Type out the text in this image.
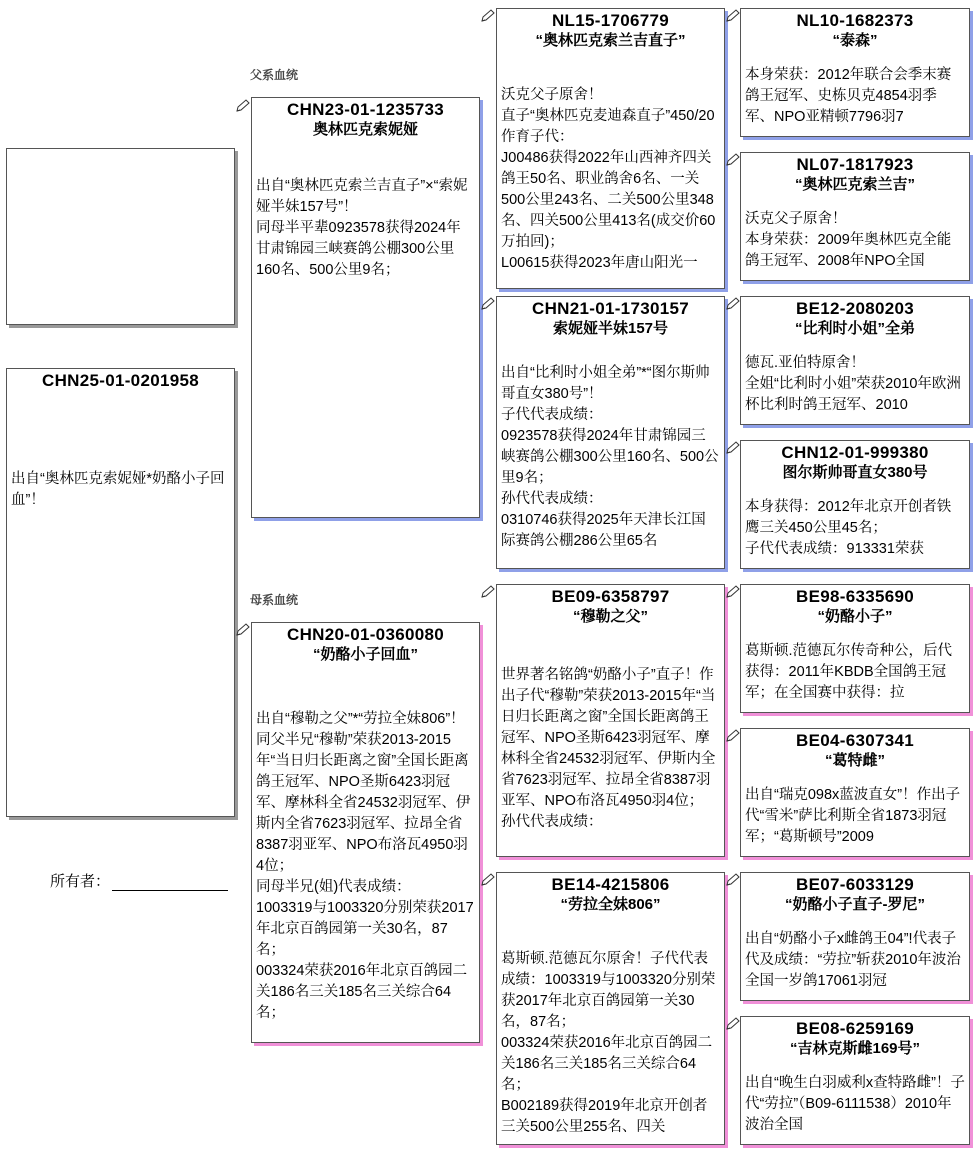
父系血统
母系血统
CHN25-01-0201958
出自“奥林匹克索妮娅*奶酪小子回血”！
所有者：
CHN23-01-1235733
奥林匹克索妮娅
出自“奥林匹克索兰吉直子”×“索妮娅半妹157号”！
同母半平辈0923578获得2024年甘肃锦园三峡赛鸽公棚300公里160名、500公里9名；
CHN20-01-0360080
“奶酪小子回血”
出自“穆勒之父”*“劳拉全妹806”！
同父半兄“穆勒”荣获2013-2015年“当日归长距离之窗”全国长距离鸽王冠军、NPO圣斯6423羽冠军、摩林科全省24532羽冠军、伊斯内全省7623羽冠军、拉昂全省8387羽亚军、NPO布洛瓦4950羽4位；
同母半兄(姐)代表成绩：
1003319与1003320分别荣获2017年北京百鸽园第一关30名，87名；
003324荣获2016年北京百鸽园二关186名三关185名三关综合64名；
NL15-1706779
“奥林匹克索兰吉直子”
沃克父子原舍！
直子“奥林匹克麦迪森直子”450/20作育子代：
J00486获得2022年山西神齐四关鸽王50名、职业鸽舍6名、一关500公里243名、二关500公里348名、四关500公里413名(成交价60万拍回)；
L00615获得2023年唐山阳光一
CHN21-01-1730157
索妮娅半妹157号
出自“比利时小姐全弟”*“图尔斯帅哥直女380号”！
子代代表成绩：
0923578获得2024年甘肃锦园三峡赛鸽公棚300公里160名、500公里9名；
孙代代表成绩：
0310746获得2025年天津长江国际赛鸽公棚286公里65名
BE09-6358797
“穆勒之父”
世界著名铭鸽“奶酪小子”直子！作出子代“穆勒”荣获2013-2015年“当日归长距离之窗”全国长距离鸽王冠军、NPO圣斯6423羽冠军、摩林科全省24532羽冠军、伊斯内全省7623羽冠军、拉昂全省8387羽亚军、NPO布洛瓦4950羽4位；
孙代代表成绩：
BE14-4215806
“劳拉全妹806”
葛斯顿.范德瓦尔原舍！子代代表成绩：1003319与1003320分别荣获2017年北京百鸽园第一关30名，87名；
003324荣获2016年北京百鸽园二关186名三关185名三关综合64名；
B002189获得2019年北京开创者三关500公里255名、四关
NL10-1682373
“泰森”
本身荣获：2012年联合会季末赛鸽王冠军、史栋贝克4854羽季军、NPO亚精顿7796羽7
NL07-1817923
“奥林匹克索兰吉”
沃克父子原舍！
本身荣获：2009年奥林匹克全能鸽王冠军、2008年NPO全国
BE12-2080203
“比利时小姐”全弟
德瓦.亚伯特原舍！
全姐“比利时小姐”荣获2010年欧洲杯比利时鸽王冠军、2010
CHN12-01-999380
图尔斯帅哥直女380号
本身获得：2012年北京开创者铁鹰三关450公里45名；
子代代表成绩：913331荣获
BE98-6335690
“奶酪小子”
葛斯顿.范德瓦尔传奇种公，后代获得：2011年KBDB全国鸽王冠军；在全国赛中获得：拉
BE04-6307341
“葛特雌”
出自“瑞克098x蓝波直女”！作出子代“雪米”萨比利斯全省1873羽冠军；“葛斯顿号”2009
BE07-6033129
“奶酪小子直子-罗尼”
出自“奶酪小子x雌鸽王04”!代表子代及成绩：“劳拉”斩获2010年波治全国一岁鸽17061羽冠
BE08-6259169
“吉林克斯雌169号”
出自“晚生白羽威利x查特路雌”！子代“劳拉”（B09-6111538）2010年波治全国
